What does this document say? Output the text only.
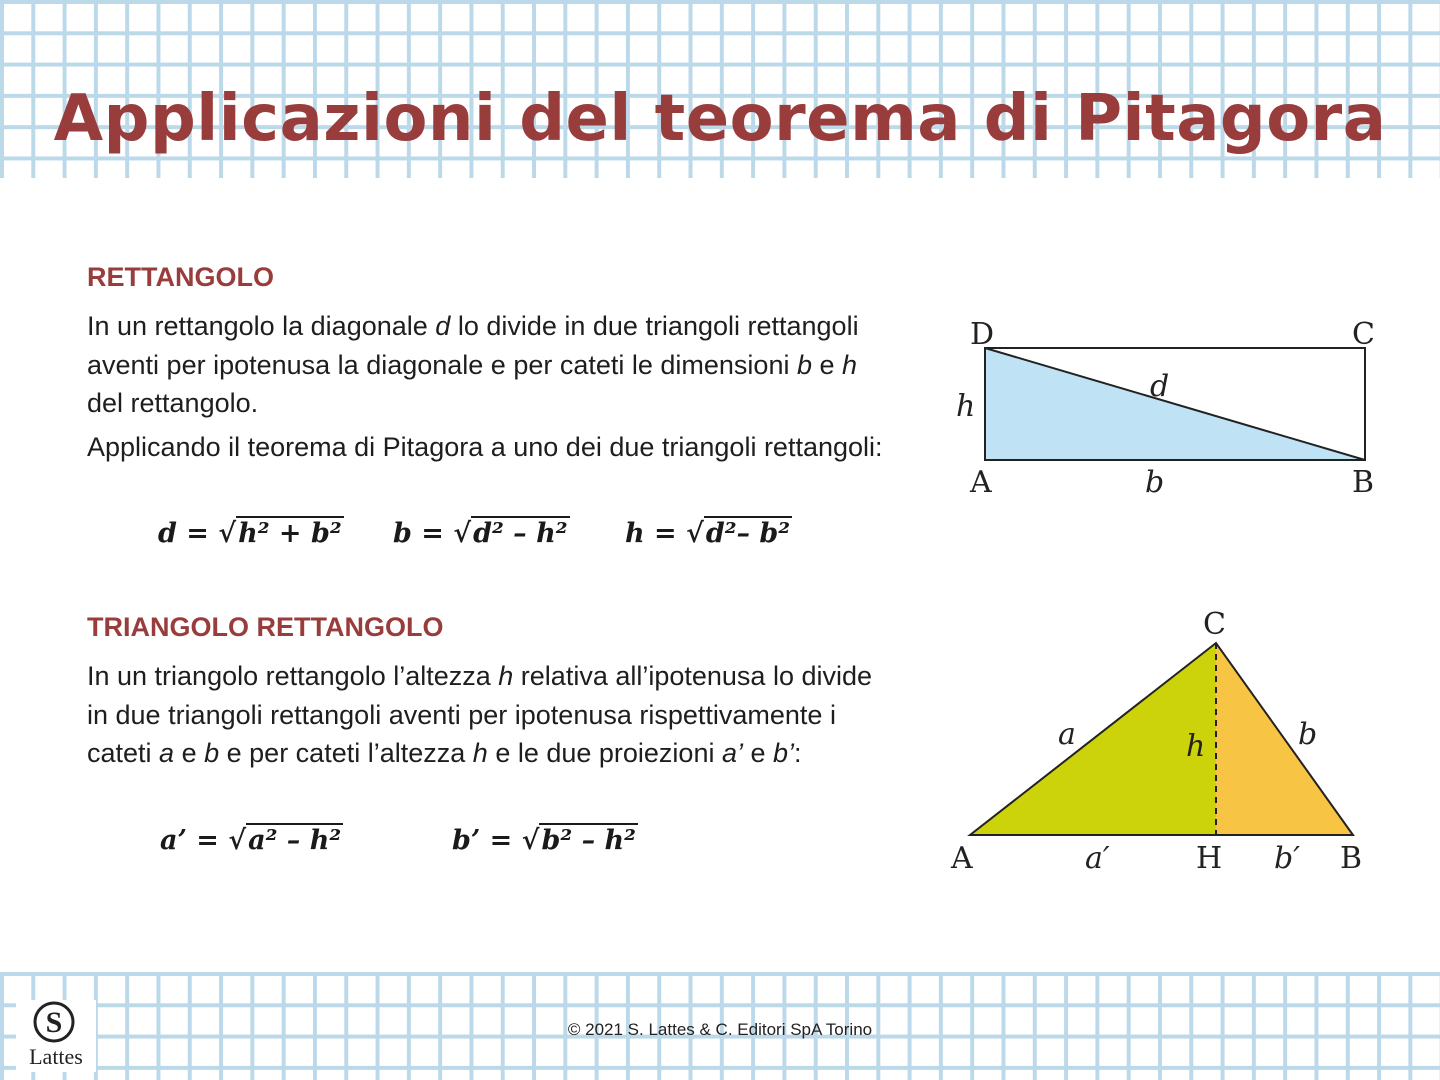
Applicazioni del teorema di Pitagora
RETTANGOLO
In un rettangolo la diagonale d lo divide in due triangoli rettangoli aventi per ipotenusa la diagonale e per cateti le dimensioni b e h del rettangolo.
Applicando il teorema di Pitagora a uno dei due triangoli rettangoli:
d = √h² + b² b = √d² – h² h = √d²– b²
D	C
A	B
d
h
b
TRIANGOLO RETTANGOLO
In un triangolo rettangolo l’altezza h relativa all’ipotenusa lo divide in due triangoli rettangoli aventi per ipotenusa rispettivamente i cateti a e b e per cateti l’altezza h e le due proiezioni a’ e b’:
a’ = √a² – h²	b’ = √b² – h²
C
A	H	B
a	b
h
a′	b′
© 2021 S. Lattes & C. Editori SpA Torino
S
Lattes
